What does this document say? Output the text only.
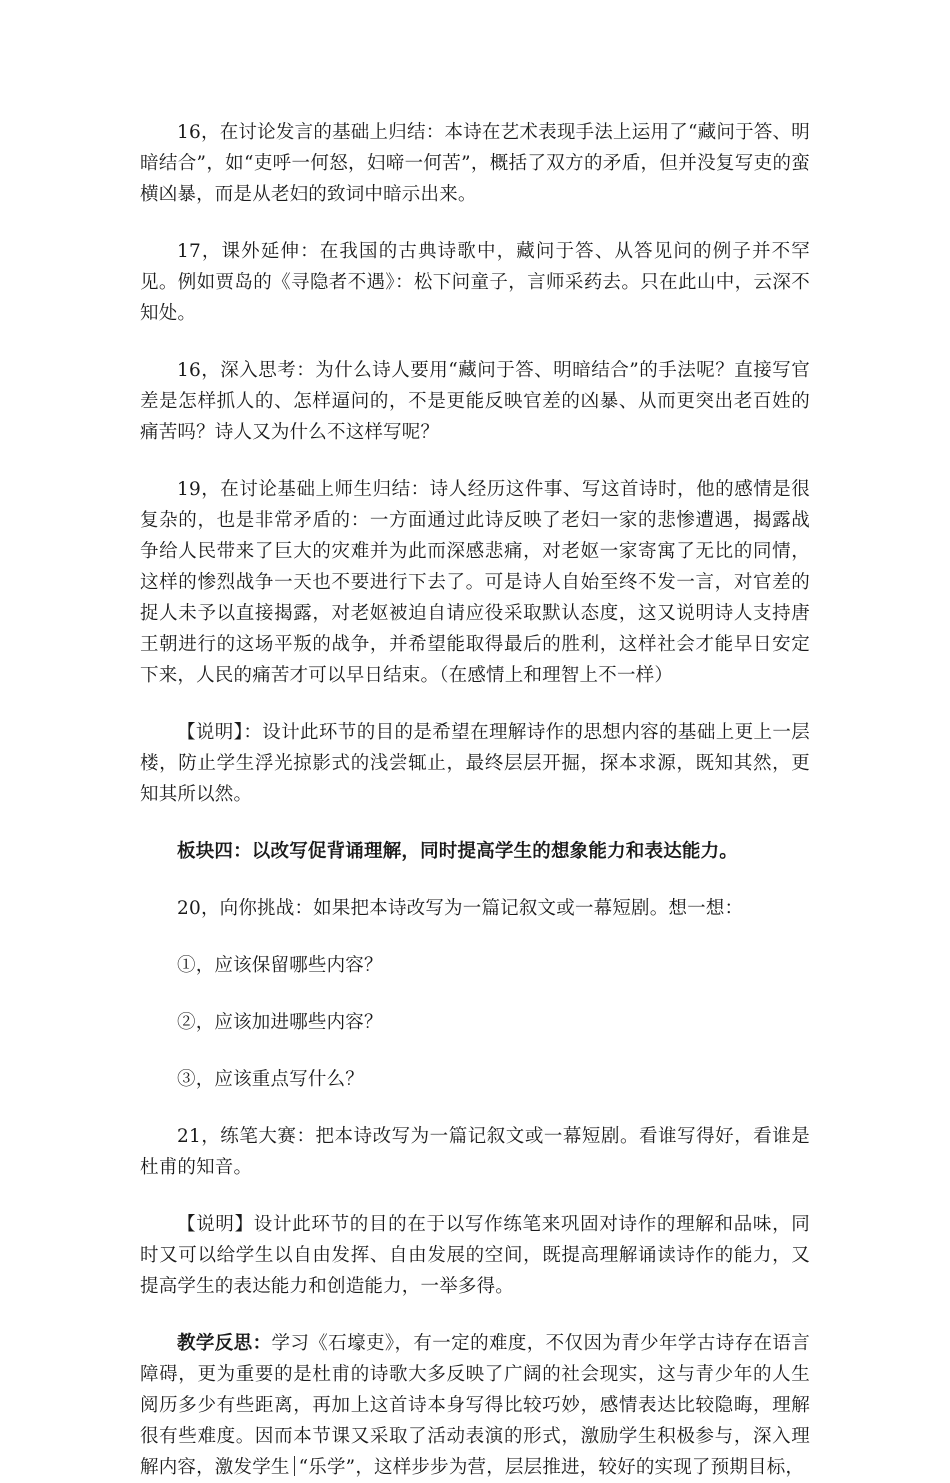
16，在讨论发言的基础上归结：本诗在艺术表现手法上运用了“藏问于答、明暗结合”，如“吏呼一何怒，妇啼一何苦”，概括了双方的矛盾，但并没复写吏的蛮横凶暴，而是从老妇的致词中暗示出来。

17，课外延伸：在我国的古典诗歌中，藏问于答、从答见问的例子并不罕见。例如贾岛的《寻隐者不遇》：松下问童子，言师采药去。只在此山中，云深不知处。

16，深入思考：为什么诗人要用“藏问于答、明暗结合”的手法呢？直接写官差是怎样抓人的、怎样逼问的，不是更能反映官差的凶暴、从而更突出老百姓的痛苦吗？诗人又为什么不这样写呢？

19，在讨论基础上师生归结：诗人经历这件事、写这首诗时，他的感情是很复杂的，也是非常矛盾的：一方面通过此诗反映了老妇一家的悲惨遭遇，揭露战争给人民带来了巨大的灾难并为此而深感悲痛，对老妪一家寄寓了无比的同情，这样的惨烈战争一天也不要进行下去了。可是诗人自始至终不发一言，对官差的捉人未予以直接揭露，对老妪被迫自请应役采取默认态度，这又说明诗人支持唐王朝进行的这场平叛的战争，并希望能取得最后的胜利，这样社会才能早日安定下来，人民的痛苦才可以早日结束。（在感情上和理智上不一样）

【说明】：设计此环节的目的是希望在理解诗作的思想内容的基础上更上一层楼，防止学生浮光掠影式的浅尝辄止，最终层层开掘，探本求源，既知其然，更知其所以然。

板块四：以改写促背诵理解，同时提高学生的想象能力和表达能力。

20，向你挑战：如果把本诗改写为一篇记叙文或一幕短剧。想一想：

①，应该保留哪些内容？

②，应该加进哪些内容？

③，应该重点写什么？

21，练笔大赛：把本诗改写为一篇记叙文或一幕短剧。看谁写得好，看谁是杜甫的知音。

【说明】设计此环节的目的在于以写作练笔来巩固对诗作的理解和品味，同时又可以给学生以自由发挥、自由发展的空间，既提高理解诵读诗作的能力，又提高学生的表达能力和创造能力，一举多得。

教学反思：学习《石壕吏》，有一定的难度，不仅因为青少年学古诗存在语言障碍，更为重要的是杜甫的诗歌大多反映了广阔的社会现实，这与青少年的人生阅历多少有些距离，再加上这首诗本身写得比较巧妙，感情表达比较隐晦，理解很有些难度。因而本节课又采取了活动表演的形式，激励学生积极参与，深入理解内容，激发学生 “乐学”，这样步步为营，层层推进，较好的实现了预期目标，
